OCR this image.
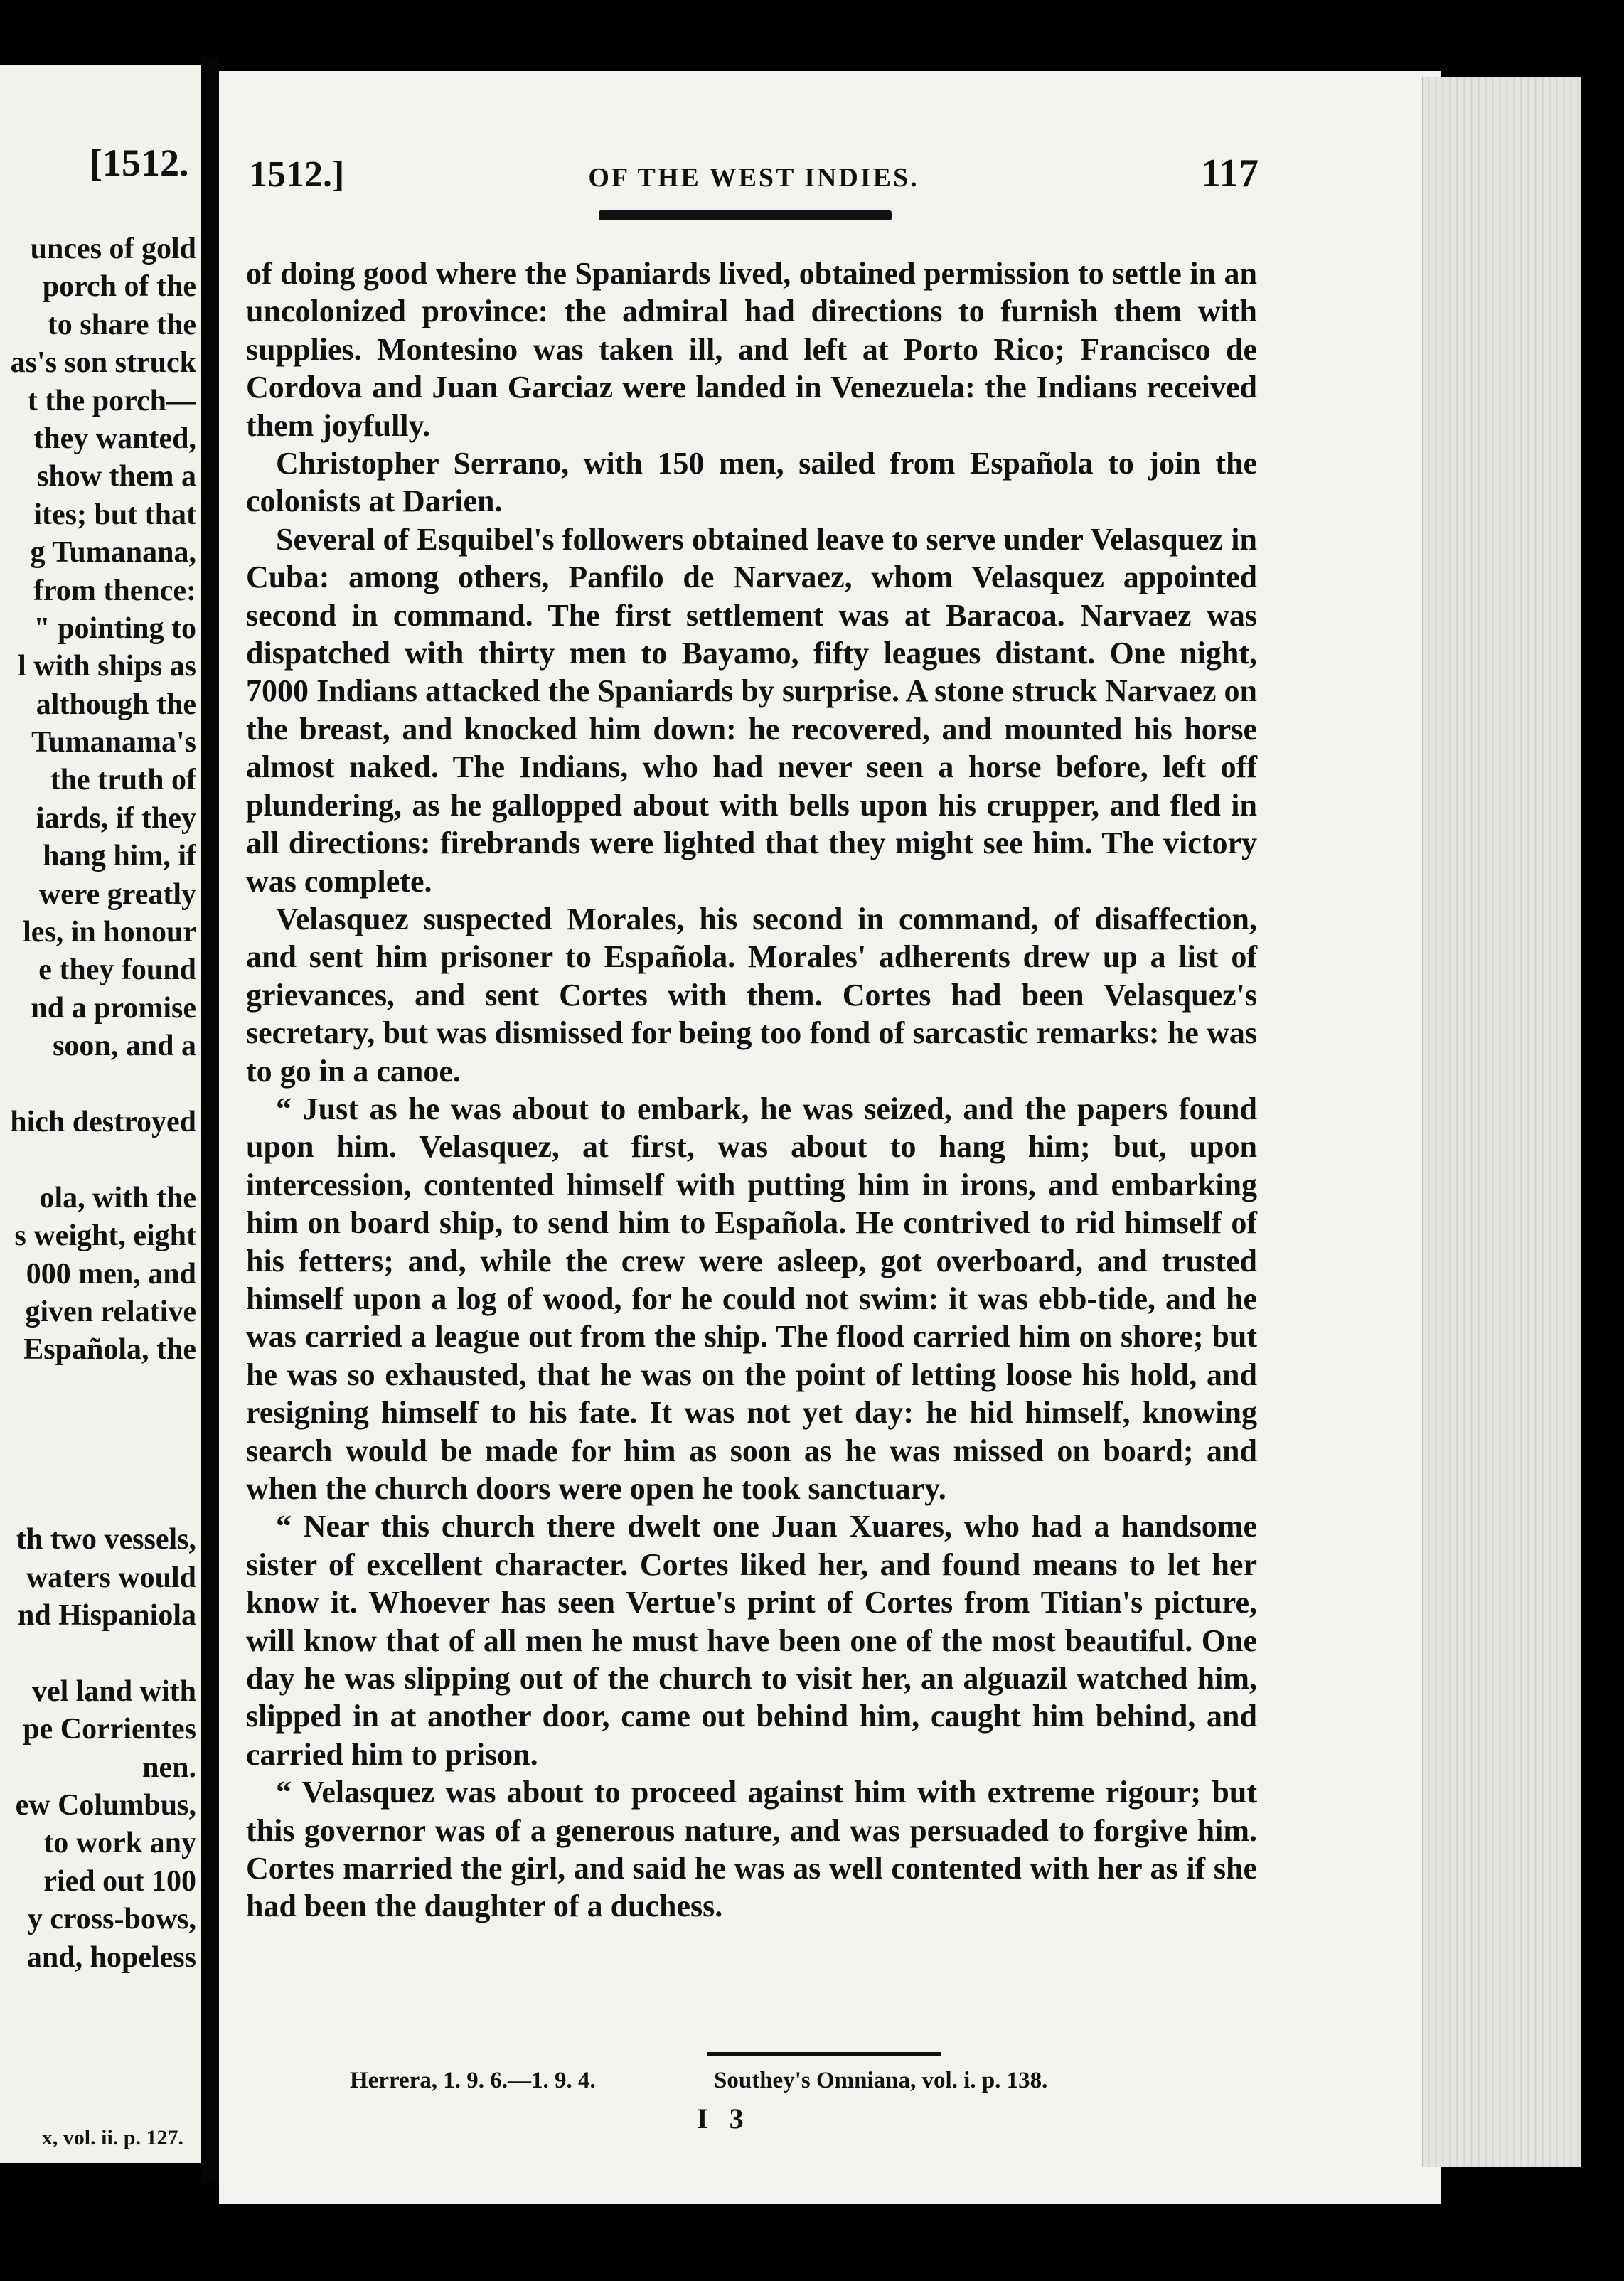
[1512.
unces of gold
porch of the
to share the
as's son struck
t the porch—
they wanted,
show them a
ites; but that
g Tumanana,
from thence:
" pointing to
l with ships as
although the
Tumanama's
the truth of
iards, if they
hang him, if
were greatly
les, in honour
e they found
nd a promise
soon, and a
hich destroyed
ola, with the
s weight, eight
000 men, and
given relative
Española, the
th two vessels,
waters would
nd Hispaniola
vel land with
pe Corrientes
nen.
ew Columbus,
to work any
ried out 100
y cross-bows,
and, hopeless
x, vol. ii. p. 127.
1512.]	OF THE WEST INDIES.	117

of doing good where the Spaniards lived, obtained permission to settle in an uncolonized province: the admiral had directions to furnish them with supplies. Montesino was taken ill, and left at Porto Rico; Francisco de Cordova and Juan Garciaz were landed in Venezuela: the Indians received them joyfully.

Christopher Serrano, with 150 men, sailed from Española to join the colonists at Darien.

Several of Esquibel's followers obtained leave to serve under Velasquez in Cuba: among others, Panfilo de Narvaez, whom Velasquez appointed second in command. The first settlement was at Baracoa. Narvaez was dispatched with thirty men to Bayamo, fifty leagues distant. One night, 7000 Indians attacked the Spaniards by surprise. A stone struck Narvaez on the breast, and knocked him down: he recovered, and mounted his horse almost naked. The Indians, who had never seen a horse before, left off plundering, as he gallopped about with bells upon his crupper, and fled in all directions: firebrands were lighted that they might see him. The victory was complete.

Velasquez suspected Morales, his second in command, of disaffection, and sent him prisoner to Española. Morales' adherents drew up a list of grievances, and sent Cortes with them. Cortes had been Velasquez's secretary, but was dismissed for being too fond of sarcastic remarks: he was to go in a canoe.

“ Just as he was about to embark, he was seized, and the papers found upon him. Velasquez, at first, was about to hang him; but, upon intercession, contented himself with putting him in irons, and embarking him on board ship, to send him to Española. He contrived to rid himself of his fetters; and, while the crew were asleep, got overboard, and trusted himself upon a log of wood, for he could not swim: it was ebb-tide, and he was carried a league out from the ship. The flood carried him on shore; but he was so exhausted, that he was on the point of letting loose his hold, and resigning himself to his fate. It was not yet day: he hid himself, knowing search would be made for him as soon as he was missed on board; and when the church doors were open he took sanctuary.

“ Near this church there dwelt one Juan Xuares, who had a handsome sister of excellent character. Cortes liked her, and found means to let her know it. Whoever has seen Vertue's print of Cortes from Titian's picture, will know that of all men he must have been one of the most beautiful. One day he was slipping out of the church to visit her, an alguazil watched him, slipped in at another door, came out behind him, caught him behind, and carried him to prison.

“ Velasquez was about to proceed against him with extreme rigour; but this governor was of a generous nature, and was persuaded to forgive him. Cortes married the girl, and said he was as well contented with her as if she had been the daughter of a duchess.

Herrera, 1. 9. 6.—1. 9. 4.	Southey's Omniana, vol. i. p. 138.
I 3
